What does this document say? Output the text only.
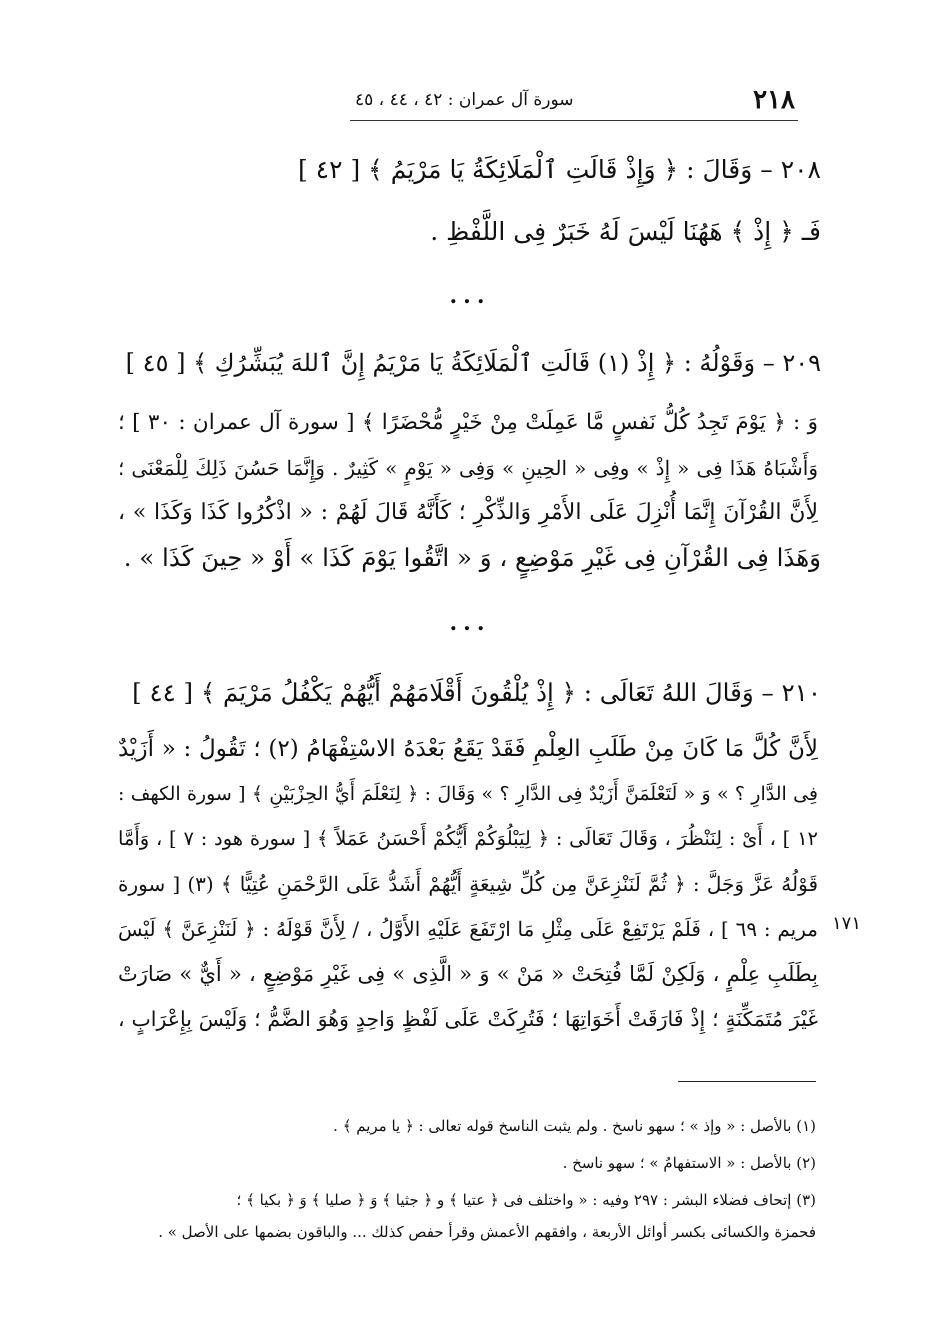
٢١٨
سورة آل عمران : ٤٢ ، ٤٤ ، ٤٥
٢٠٨ – وَقَالَ : ﴿ وَإِذْ قَالَتِ ٱلْمَلَائِكَةُ يَا مَرْيَمُ ﴾ [ ٤٢ ]
فَـ ﴿ إِذْ ﴾ هَهُنَا لَيْسَ لَهُ خَبَرٌ فِى اللَّفْظِ .
...
٢٠٩ – وَقَوْلُهُ : ﴿ إِذْ (١) قَالَتِ ٱلْمَلَائِكَةُ يَا مَرْيَمُ إِنَّ ٱللهَ يُبَشِّرُكِ ﴾ [ ٤٥ ]
وَ : ﴿ يَوْمَ تَجِدُ كُلُّ نَفسٍ مَّا عَمِلَتْ مِنْ خَيْرٍ مُّحْضَرًا ﴾ [ سورة آل عمران : ٣٠ ] ؛
وَأَشْبَاهُ هَذَا فِى « إِذْ » وفِى « الحِينِ » وَفِى « يَوْمٍ » كَثِيرٌ . وَإِنَّمَا حَسُنَ ذَلِكَ لِلْمَعْنَى ؛
لِأَنَّ القُرْآنَ إِنَّمَا أُنْزِلَ عَلَى الأَمْرِ وَالذِّكْرِ ؛ كَأَنَّهُ قَالَ لَهُمْ : « اذْكُرُوا كَذَا وَكَذَا » ،
وَهَذَا فِى القُرْآنِ فِى غَيْرِ مَوْضِعٍ ، وَ « اتَّقُوا يَوْمَ كَذَا » أَوْ « حِينَ كَذَا » .
...
٢١٠ – وَقَالَ اللهُ تَعَالَى : ﴿ إِذْ يُلْقُونَ أَقْلَامَهُمْ أَيُّهُمْ يَكْفُلُ مَرْيَمَ ﴾ [ ٤٤ ]
لِأَنَّ كُلَّ مَا كَانَ مِنْ طَلَبِ العِلْمِ فَقَدْ يَقَعُ بَعْدَهُ الاسْتِفْهَامُ (٢) ؛ تَقُولُ : « أَزَيْدٌ
فِى الدَّارِ ؟ » وَ « لَتَعْلَمَنَّ أَزَيْدٌ فِى الدَّارِ ؟ » وَقَالَ : ﴿ لِنَعْلَمَ أَيُّ الحِزْبَيْنِ ﴾ [ سورة الكهف :
١٢ ] ، أَىْ : لِنَنْظُرَ ، وَقَالَ تَعَالَى : ﴿ لِيَبْلُوَكُمْ أَيُّكُمْ أَحْسَنُ عَمَلاً ﴾ [ سورة هود : ٧ ] ، وَأَمَّا
قَوْلُهُ عَزَّ وَجَلَّ : ﴿ ثُمَّ لَنَنْزِعَنَّ مِن كُلِّ شِيعَةٍ أَيُّهُمْ أَشَدُّ عَلَى الرَّحْمَنِ عُتِيًّا ﴾ (٣) [ سورة
مريم : ٦٩ ] ، فَلَمْ يَرْتَفِعْ عَلَى مِثْلِ مَا ارْتَفَعَ عَلَيْهِ الأَوَّلُ ، / لِأَنَّ قَوْلَهُ : ﴿ لَنَنْزِعَنَّ ﴾ لَيْسَ
بِطَلَبِ عِلْمٍ ، وَلَكِنْ لَمَّا فُتِحَتْ « مَنْ » وَ « الَّذِى » فِى غَيْرِ مَوْضِعٍ ، « أَيٌّ » صَارَتْ
غَيْرَ مُتَمَكِّنَةٍ ؛ إِذْ فَارَقَتْ أَخَوَاتِهَا ؛ فَتُرِكَتْ عَلَى لَفْظٍ وَاحِدٍ وَهُوَ الضَّمُّ ؛ وَلَيْسَ بِإِعْرَابٍ ،
١٧١
(١) بالأصل : « وإذ » ؛ سهو ناسخ . ولم يثبت الناسخ قوله تعالى : ﴿ يا مريم ﴾ .
(٢) بالأصل : « الاستفهامُ » ؛ سهو ناسخ .
(٣) إتحاف فضلاء البشر : ٢٩٧ وفيه : « واختلف فى ﴿ عتيا ﴾ و ﴿ جثيا ﴾ وَ ﴿ صليا ﴾ وَ ﴿ بكيا ﴾ ؛
فحمزة والكسائى بكسر أوائل الأربعة ، وافقهم الأعمش وقرأ حفص كذلك ... والباقون بضمها على الأصل » .
